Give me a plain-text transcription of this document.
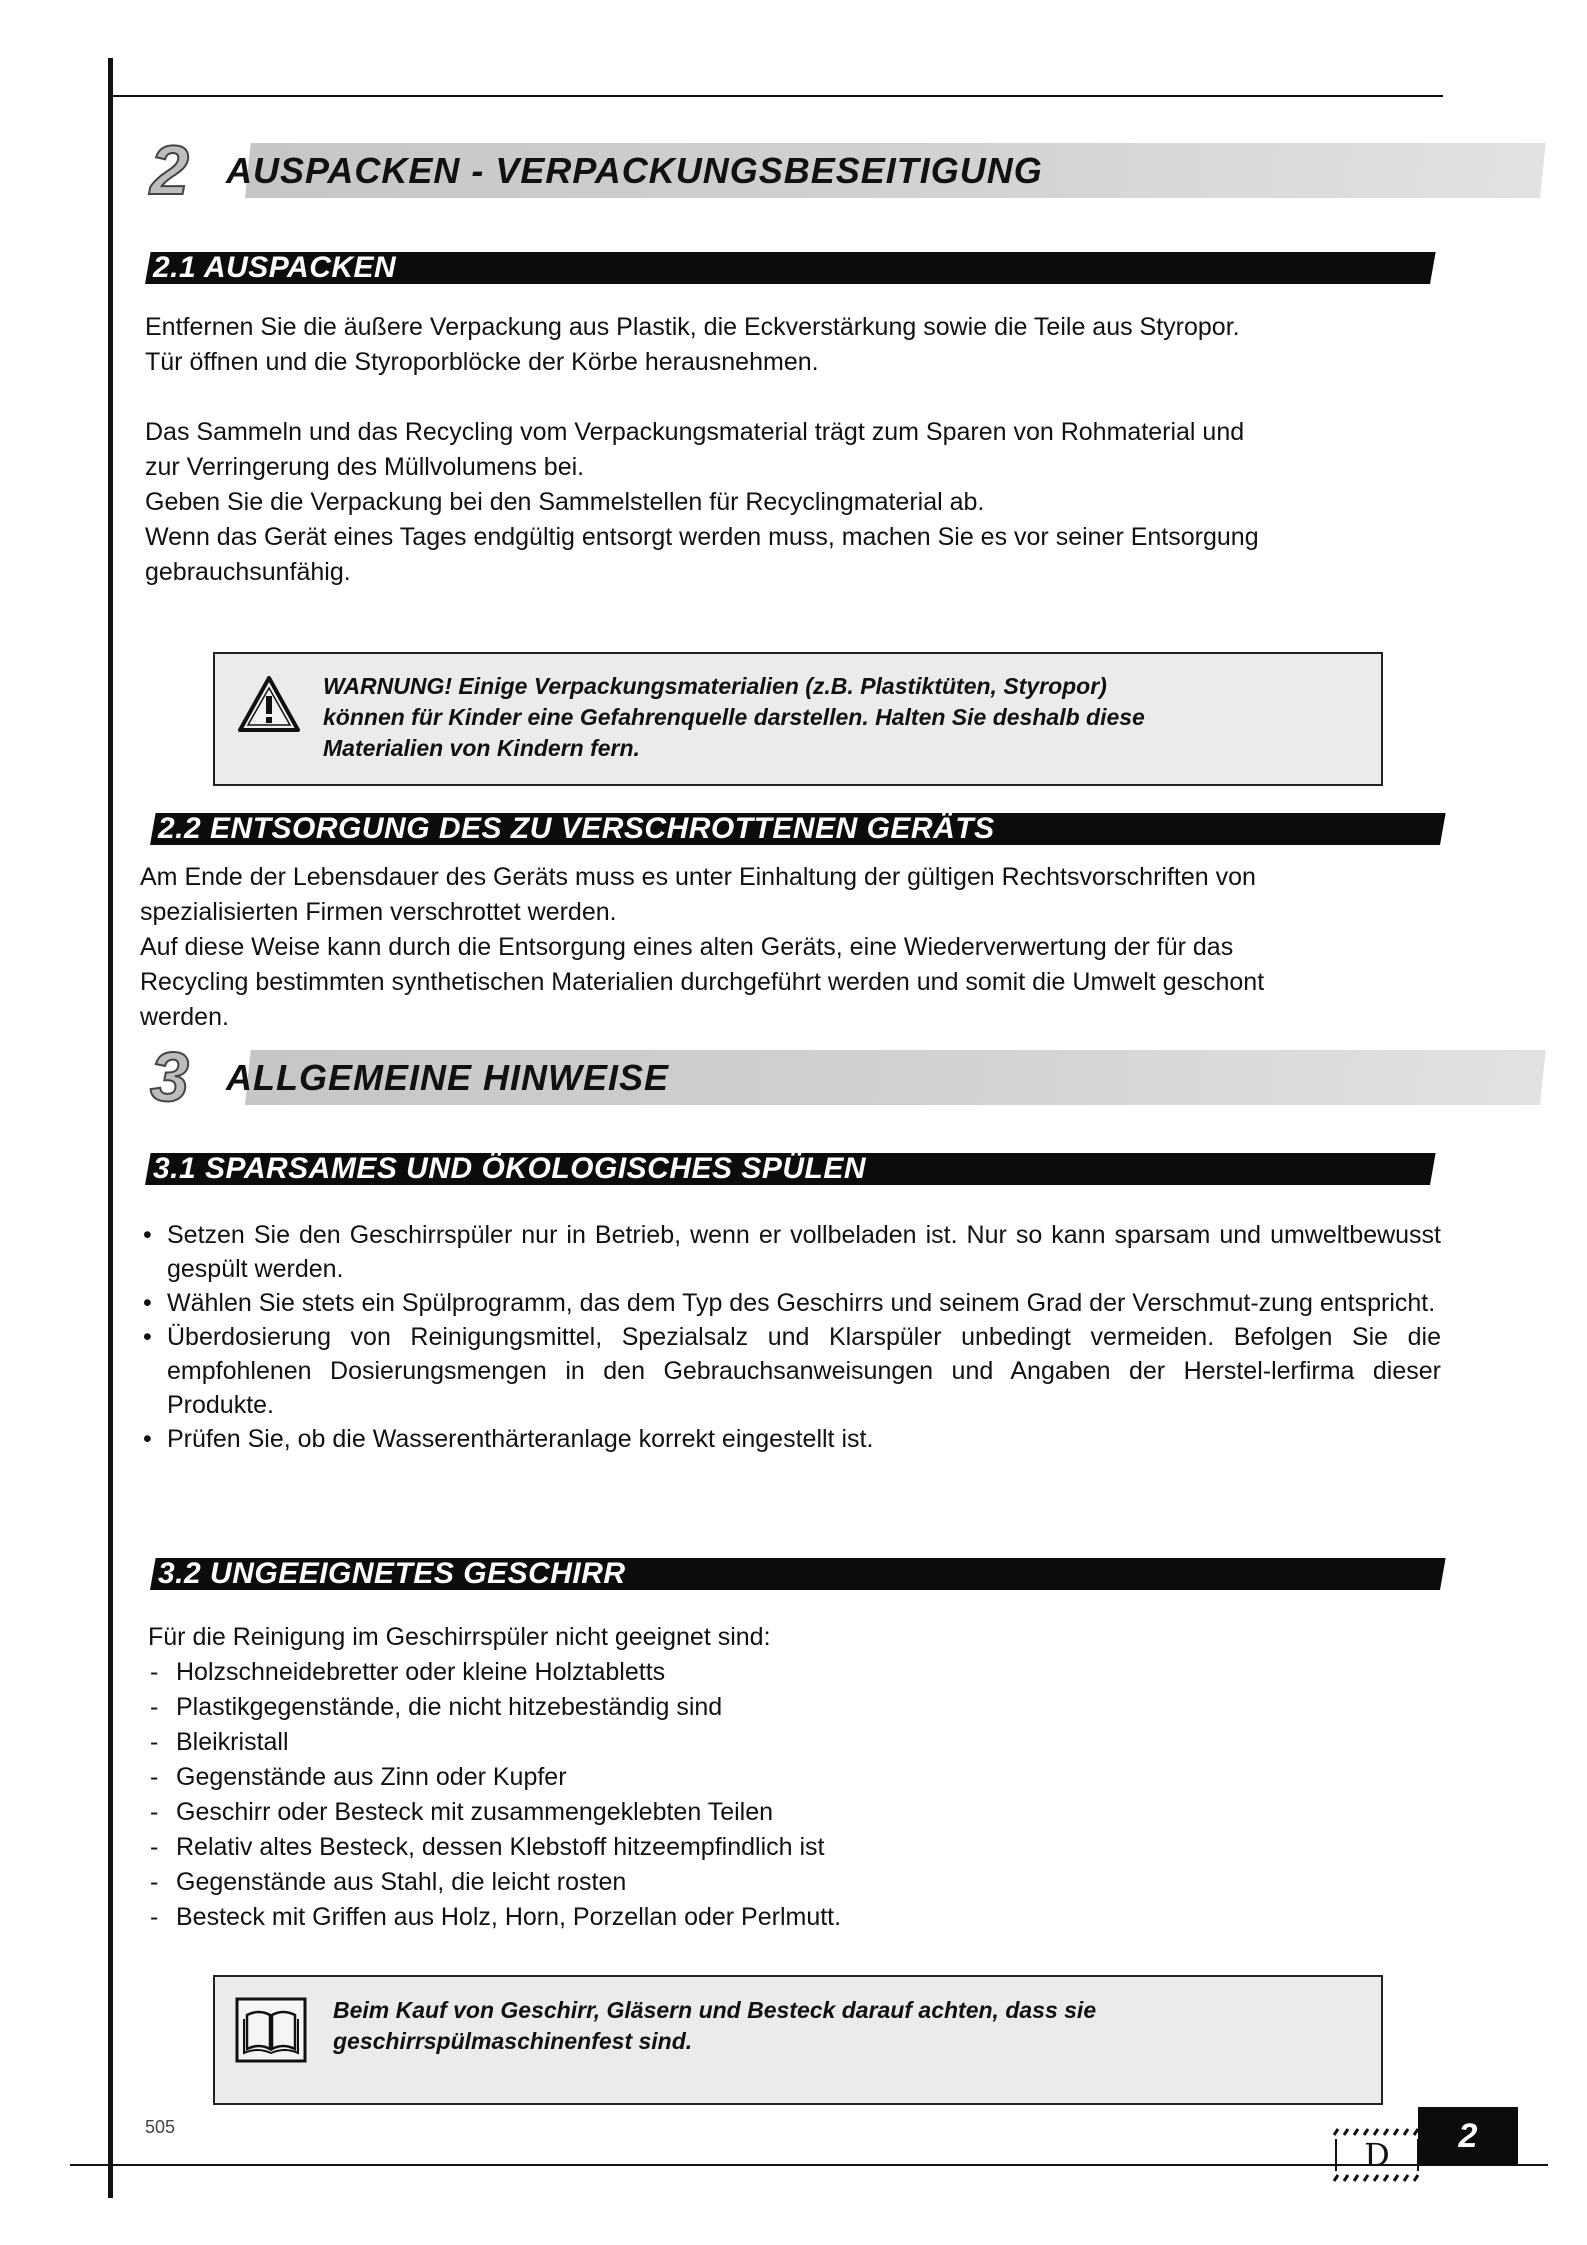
2 AUSPACKEN - VERPACKUNGSBESEITIGUNG
2.1 AUSPACKEN

Entfernen Sie die äußere Verpackung aus Plastik, die Eckverstärkung sowie die Teile aus Styropor.

Tür öffnen und die Styroporblöcke der Körbe herausnehmen.

Das Sammeln und das Recycling vom Verpackungsmaterial trägt zum Sparen von Rohmaterial und

zur Verringerung des Müllvolumens bei.

Geben Sie die Verpackung bei den Sammelstellen für Recyclingmaterial ab.

Wenn das Gerät eines Tages endgültig entsorgt werden muss, machen Sie es vor seiner Entsorgung

gebrauchsunfähig.

WARNUNG! Einige Verpackungsmaterialien (z.B. Plastiktüten, Styropor)
können für Kinder eine Gefahrenquelle darstellen. Halten Sie deshalb diese
Materialien von Kindern fern.
2.2 ENTSORGUNG DES ZU VERSCHROTTENEN GERÄTS

Am Ende der Lebensdauer des Geräts muss es unter Einhaltung der gültigen Rechtsvorschriften von

spezialisierten Firmen verschrottet werden.

Auf diese Weise kann durch die Entsorgung eines alten Geräts, eine Wiederverwertung der für das

Recycling bestimmten synthetischen Materialien durchgeführt werden und somit die Umwelt geschont

werden.

3 ALLGEMEINE HINWEISE
3.1 SPARSAMES UND ÖKOLOGISCHES SPÜLEN
• Setzen Sie den Geschirrspüler nur in Betrieb, wenn er vollbeladen ist. Nur so kann sparsam und umweltbewusst gespült werden.
• Wählen Sie stets ein Spülprogramm, das dem Typ des Geschirrs und seinem Grad der Verschmut-zung entspricht.
• Überdosierung von Reinigungsmittel, Spezialsalz und Klarspüler unbedingt vermeiden. Befolgen Sie die empfohlenen Dosierungsmengen in den Gebrauchsanweisungen und Angaben der Herstel-lerfirma dieser Produkte.
• Prüfen Sie, ob die Wasserenthärteranlage korrekt eingestellt ist.
3.2 UNGEEIGNETES GESCHIRR
Für die Reinigung im Geschirrspüler nicht geeignet sind:
- Holzschneidebretter oder kleine Holztabletts
- Plastikgegenstände, die nicht hitzebeständig sind
- Bleikristall
- Gegenstände aus Zinn oder Kupfer
- Geschirr oder Besteck mit zusammengeklebten Teilen
- Relativ altes Besteck, dessen Klebstoff hitzeempfindlich ist
- Gegenstände aus Stahl, die leicht rosten
- Besteck mit Griffen aus Holz, Horn, Porzellan oder Perlmutt.
Beim Kauf von Geschirr, Gläsern und Besteck darauf achten, dass sie
geschirrspülmaschinenfest sind.
505
D	2
